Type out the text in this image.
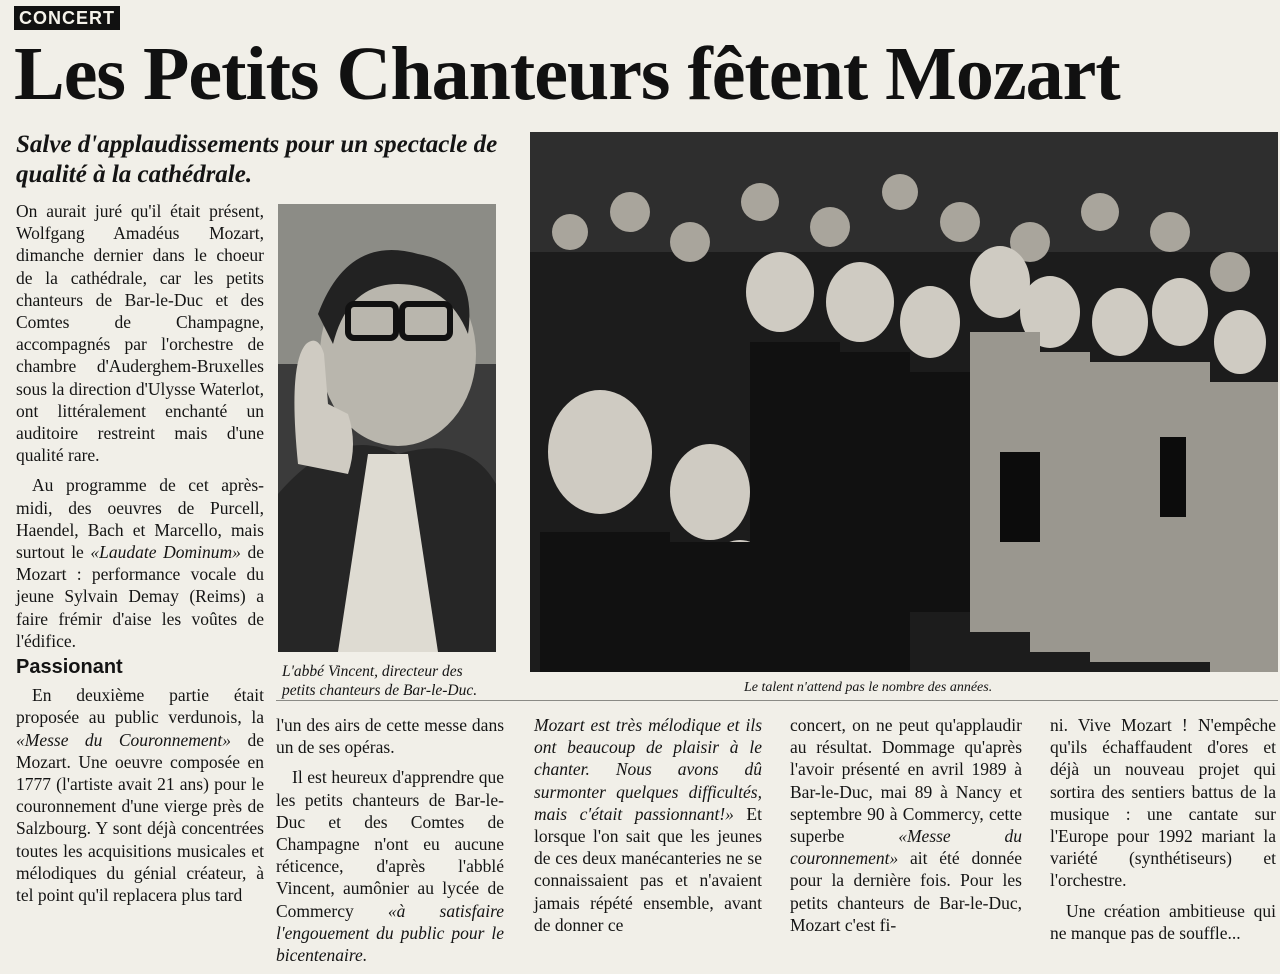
CONCERT
Les Petits Chanteurs fêtent Mozart
Salve d'applaudissements pour un spectacle de qualité à la cathédrale.

On aurait juré qu'il était présent, Wolfgang Amadéus Mozart, dimanche dernier dans le choeur de la cathédrale, car les petits chanteurs de Bar-le-Duc et des Comtes de Champagne, accompagnés par l'orchestre de chambre d'Auderghem-Bruxelles sous la direction d'Ulysse Waterlot, ont littéralement enchanté un auditoire restreint mais d'une qualité rare.

Au programme de cet après-midi, des oeuvres de Purcell, Haendel, Bach et Marcello, mais surtout le «Laudate Dominum» de Mozart : performance vocale du jeune Sylvain Demay (Reims) a faire frémir d'aise les voûtes de l'édifice.

L'abbé Vincent, directeur des petits chanteurs de Bar-le-Duc.	Le talent n'attend pas le nombre des années.
Passionant

En deuxième partie était proposée au public verdunois, la «Messe du Couronnement» de Mozart. Une oeuvre composée en 1777 (l'artiste avait 21 ans) pour le couronnement d'une vierge près de Salzbourg. Y sont déjà concentrées toutes les acquisitions musicales et mélodiques du génial créateur, à tel point qu'il replacera plus tard

l'un des airs de cette messe dans un de ses opéras.

Il est heureux d'apprendre que les petits chanteurs de Bar-le-Duc et des Comtes de Champagne n'ont eu aucune réticence, d'après l'abblé Vincent, aumônier au lycée de Commercy «à satisfaire l'engouement du public pour le bicentenaire.

Mozart est très mélodique et ils ont beaucoup de plaisir à le chanter. Nous avons dû surmonter quelques difficultés, mais c'était passionnant!» Et lorsque l'on sait que les jeunes de ces deux manécanteries ne se connaissaient pas et n'avaient jamais répété ensemble, avant de donner ce

concert, on ne peut qu'applaudir au résultat. Dommage qu'après l'avoir présenté en avril 1989 à Bar-le-Duc, mai 89 à Nancy et septembre 90 à Commercy, cette superbe «Messe du couronnement» ait été donnée pour la dernière fois. Pour les petits chanteurs de Bar-le-Duc, Mozart c'est fi-

ni. Vive Mozart ! N'empêche qu'ils échaffaudent d'ores et déjà un nouveau projet qui sortira des sentiers battus de la musique : une cantate sur l'Europe pour 1992 mariant la variété (synthétiseurs) et l'orchestre.

Une création ambitieuse qui ne manque pas de souffle...
